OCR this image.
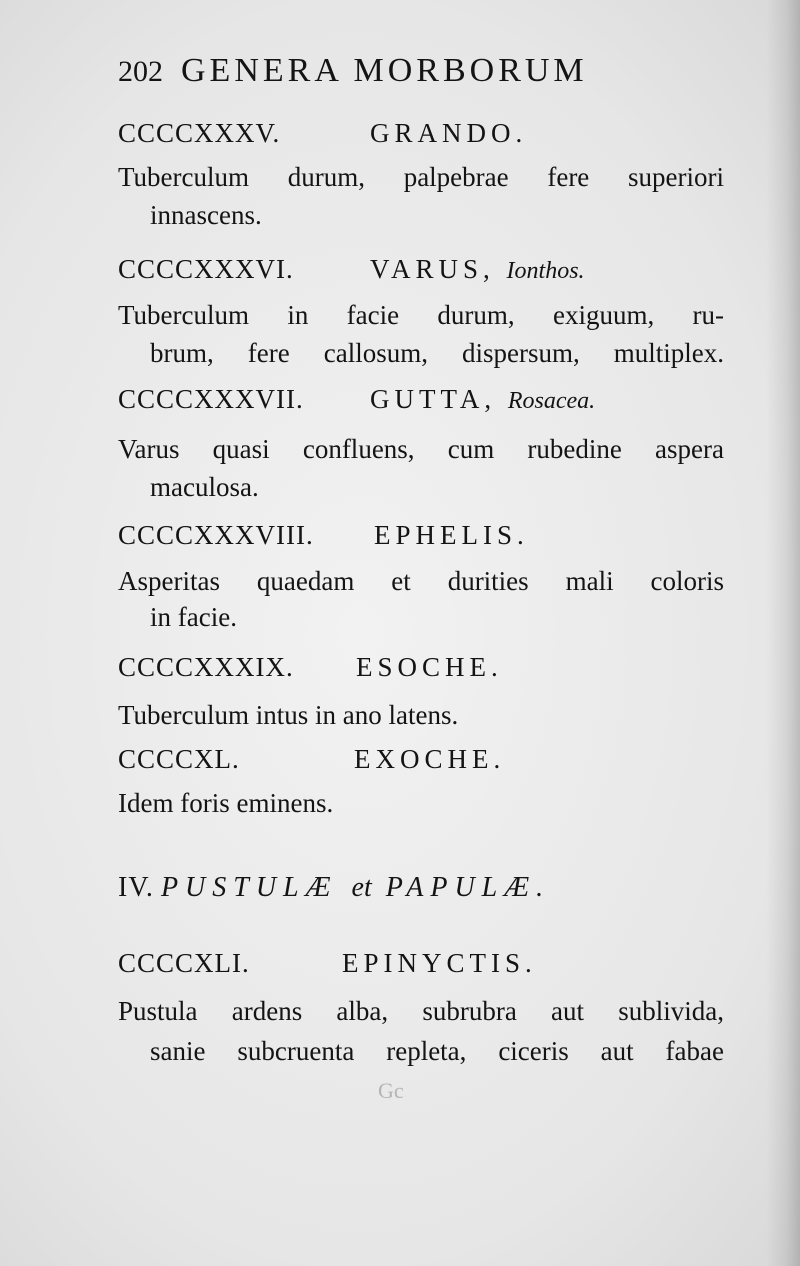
202 GENERA MORBORUM
CCCCXXXV.	GRANDO.
Tuberculum durum, palpebrae fere superiori
innascens.
CCCCXXXVI.	VARUS, Ionthos.
Tuberculum in facie durum, exiguum, ru-
brum, fere callosum, dispersum, multiplex.
CCCCXXXVII. GUTTA, Rosacea.
Varus quasi confluens, cum rubedine aspera
maculosa.
CCCCXXXVIII. EPHELIS.
Asperitas quaedam et durities mali coloris
in facie.
CCCCXXXIX. ESOCHE.
Tuberculum intus in ano latens.
CCCCXL.	EXOCHE.
Idem foris eminens.
IV. PUSTULÆ et PAPULÆ.
CCCCXLI.	EPINYCTIS.
Pustula ardens alba, subrubra aut sublivida,
sanie subcruenta repleta, ciceris aut fabae
Gc
